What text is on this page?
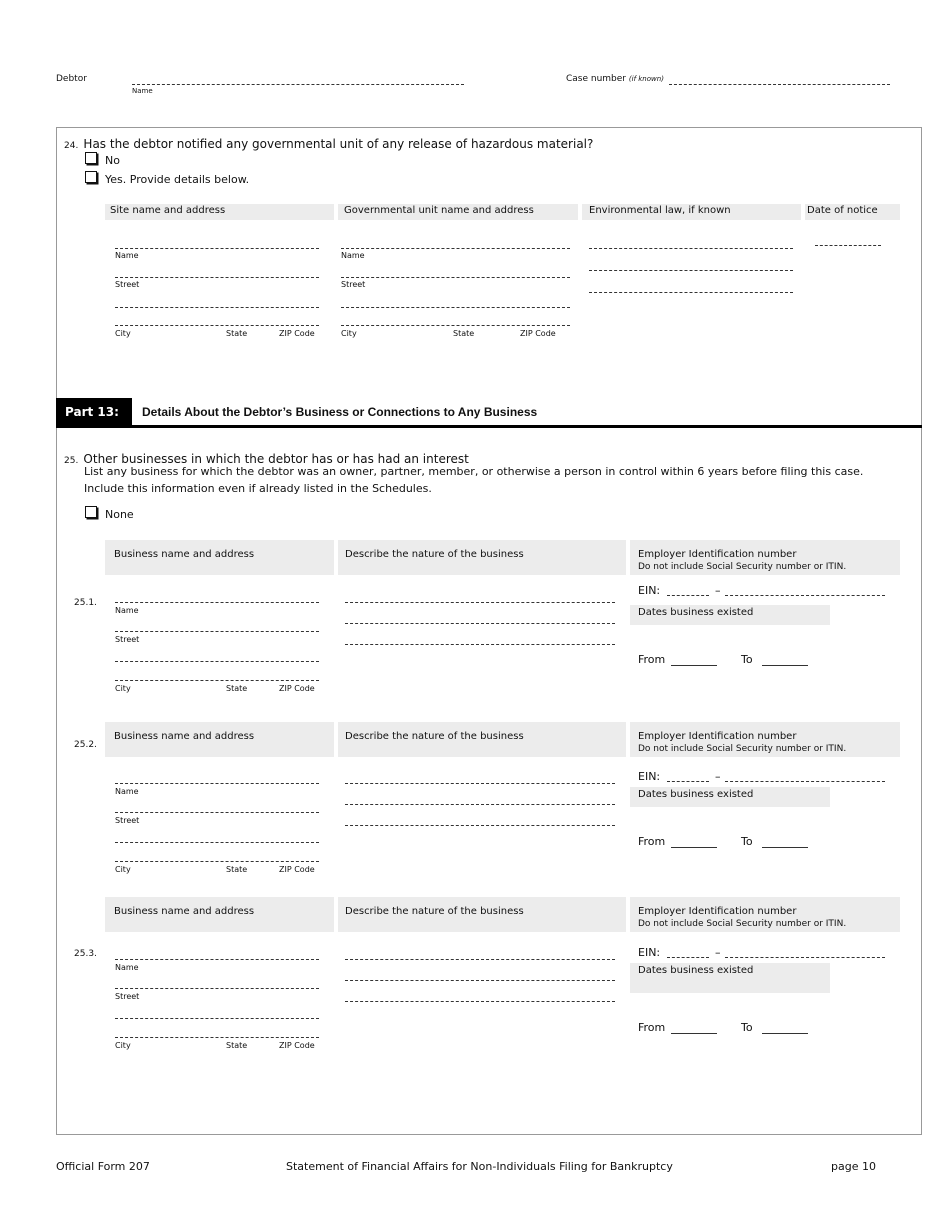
Debtor
Name
Case number (if known)
24. Has the debtor notified any governmental unit of any release of hazardous material?
No
Yes. Provide details below.
Site name and address	Governmental unit name and address	Environmental law, if known	Date of notice
Name
Street
City	State	ZIP Code
Name
Street
City	State	ZIP Code
Part 13: Details About the Debtor’s Business or Connections to Any Business
25. Other businesses in which the debtor has or has had an interest
List any business for which the debtor was an owner, partner, member, or otherwise a person in control within 6 years before filing this case.
Include this information even if already listed in the Schedules.
None
25.1.
Business name and address	Describe the nature of the business	Employer Identification number
Do not include Social Security number or ITIN.
Name
Street
City	State	ZIP Code
EIN:	–
Dates business existed
From	To
25.2.
Business name and address	Describe the nature of the business	Employer Identification number
Do not include Social Security number or ITIN.
Name
Street
City	State	ZIP Code
EIN:	–
Dates business existed
From	To
25.3.
Business name and address	Describe the nature of the business	Employer Identification number
Do not include Social Security number or ITIN.
Name
Street
City	State	ZIP Code
EIN:	–
Dates business existed
From	To
Official Form 207	Statement of Financial Affairs for Non-Individuals Filing for Bankruptcy	page 10
